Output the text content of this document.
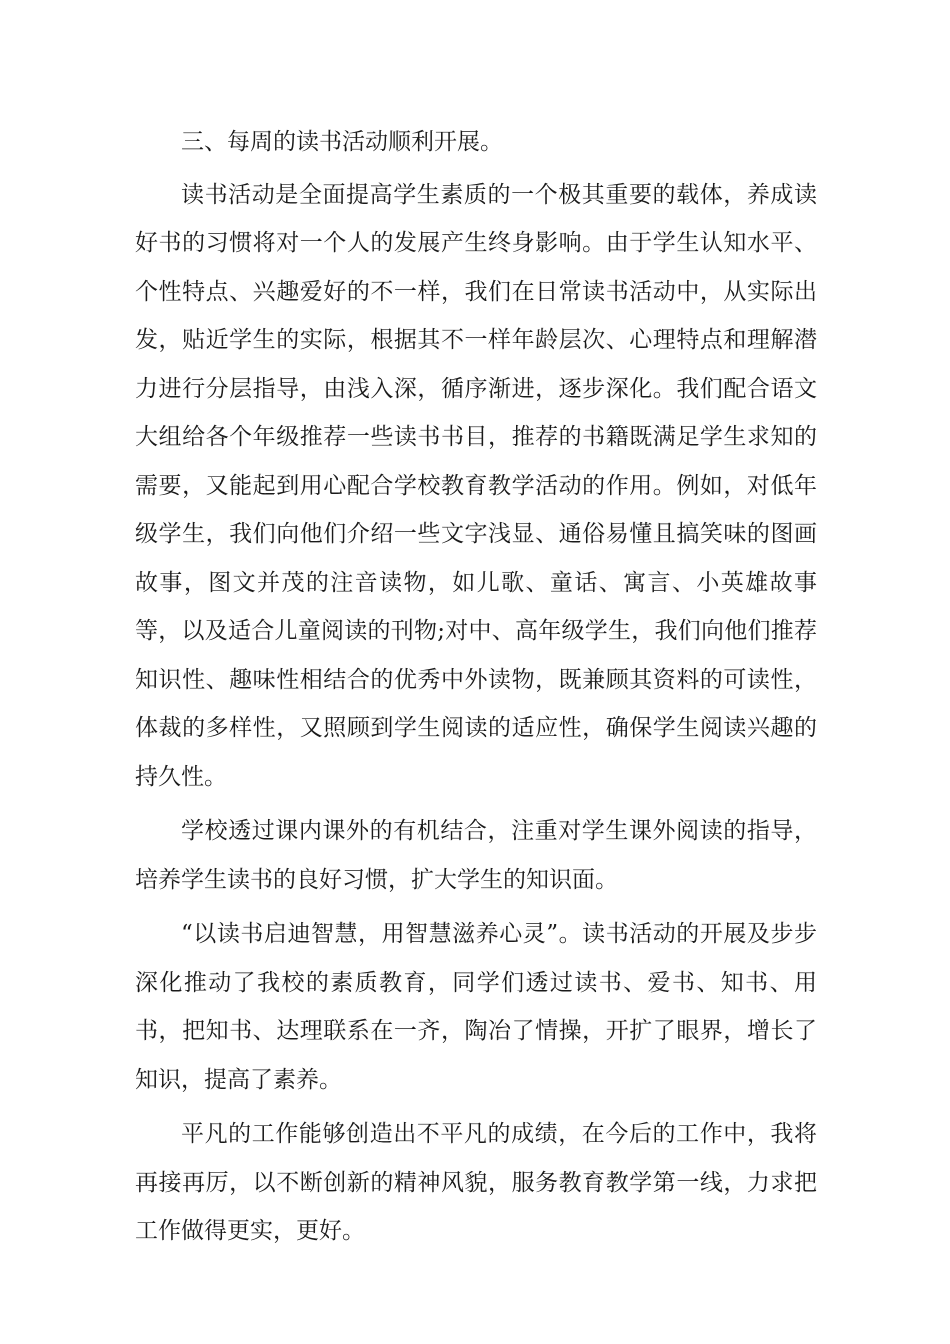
三、每周的读书活动顺利开展。

读书活动是全面提高学生素质的一个极其重要的载体，养成读好书的习惯将对一个人的发展产生终身影响。由于学生认知水平、个性特点、兴趣爱好的不一样，我们在日常读书活动中，从实际出发，贴近学生的实际，根据其不一样年龄层次、心理特点和理解潜力进行分层指导，由浅入深，循序渐进，逐步深化。我们配合语文大组给各个年级推荐一些读书书目，推荐的书籍既满足学生求知的需要，又能起到用心配合学校教育教学活动的作用。例如，对低年级学生，我们向他们介绍一些文字浅显、通俗易懂且搞笑味的图画故事，图文并茂的注音读物，如儿歌、童话、寓言、小英雄故事等，以及适合儿童阅读的刊物;对中、高年级学生，我们向他们推荐知识性、趣味性相结合的优秀中外读物，既兼顾其资料的可读性，体裁的多样性，又照顾到学生阅读的适应性，确保学生阅读兴趣的持久性。

学校透过课内课外的有机结合，注重对学生课外阅读的指导，培养学生读书的良好习惯，扩大学生的知识面。

“以读书启迪智慧，用智慧滋养心灵”。读书活动的开展及步步深化推动了我校的素质教育，同学们透过读书、爱书、知书、用书，把知书、达理联系在一齐，陶冶了情操，开扩了眼界，增长了知识，提高了素养。

平凡的工作能够创造出不平凡的成绩，在今后的工作中，我将再接再厉，以不断创新的精神风貌，服务教育教学第一线，力求把工作做得更实，更好。
